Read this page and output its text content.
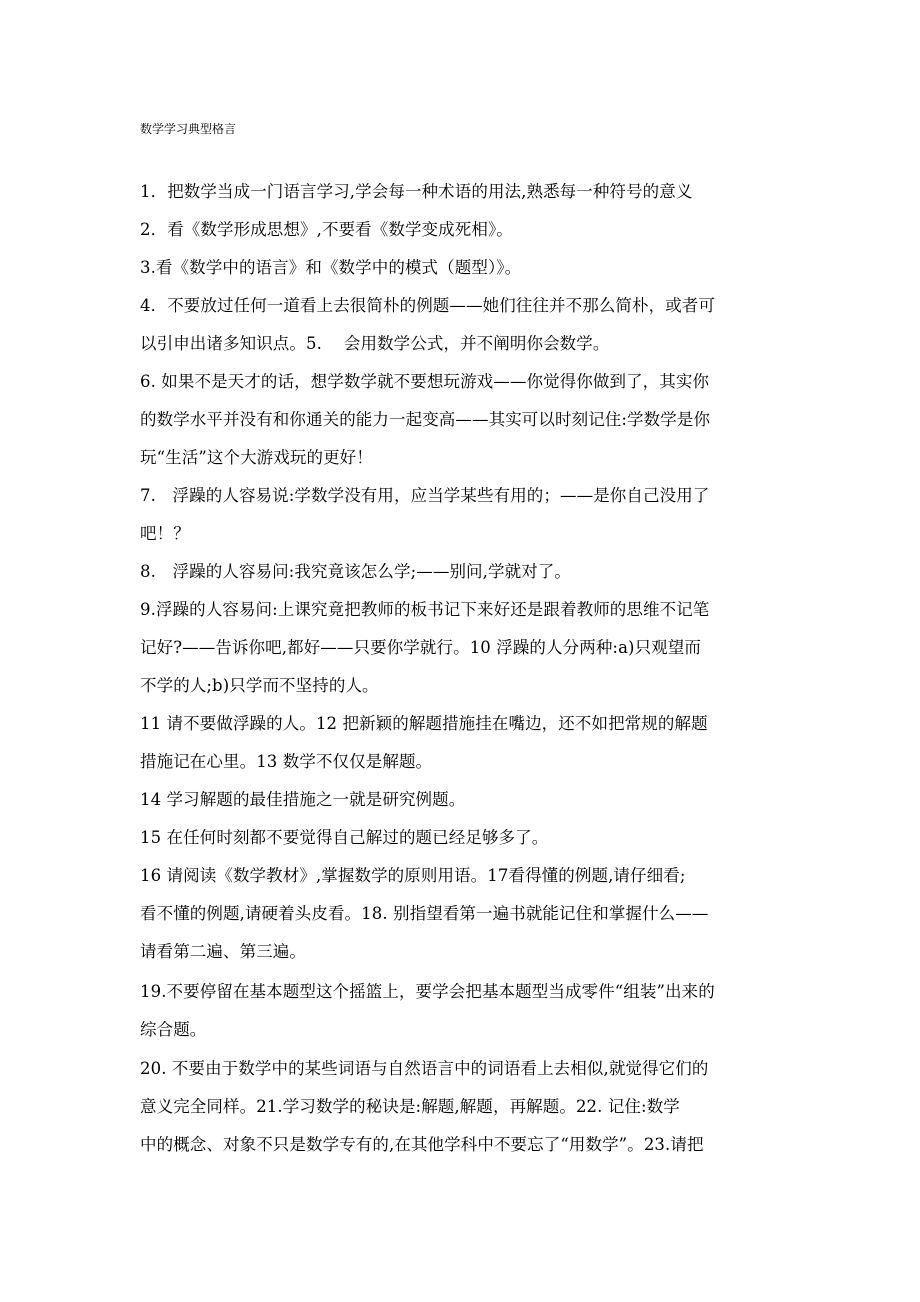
数学学习典型格言
1．把数学当成一门语言学习,学会每一种术语的用法,熟悉每一种符号的意义
2．看《数学形成思想》,不要看《数学变成死相》。
3.看《数学中的语言》和《数学中的模式（题型）》。
4．不要放过任何一道看上去很简朴的例题——她们往往并不那么简朴，或者可
以引申出诸多知识点。5⁤.　 会用数学公式，并不阐明你会数学。
6. 如果不是天才的话，想学数学就不要想玩游戏——你觉得你做到了，其实你
的数学水平并没有和你通关的能力一起变高——其实可以时刻记住:学数学是你
玩“生活”这个大游戏玩的更好！
7.　浮躁的人容易说:学数学没有用，应当学某些有用的；——是你自己没用了
吧！？
8.　浮躁的人容易问:我究竟该怎么学;——别问,学就对了。
9.浮躁的人容易问:上课究竟把教师的板书记下来好还是跟着教师的思维不记笔
记好?——告诉你吧,都好——只要你学就行。10⁤ 浮躁的人分两种:a)只观望而
不学的人;b)只学而不坚持的人。
11 请不要做浮躁的人。12⁤ 把新颖的解题措施挂在嘴边，还不如把常规的解题
措施记在心里。13⁤ 数学不仅仅是解题。
14 学习解题的最佳措施之一就是研究例题。
15 在任何时刻都不要觉得自己解过的题已经足够多了。
16 请阅读《数学教材》,掌握数学的原则用语。17⁤看得懂的例题,请仔细看;
看不懂的例题,请硬着头皮看。18⁤. 别指望看第一遍书就能记住和掌握什么——
请看第二遍、第三遍。
19.不要停留在基本题型这个摇篮上，要学会把基本题型当成零件“组装”出来的
综合题。
20. 不要由于数学中的某些词语与自然语言中的词语看上去相似,就觉得它们的
意义完全同样。21⁤.学习数学的秘诀是:解题,解题，再解题。22⁤. 记住:数学
中的概念、对象不只是数学专有的,在其他学科中不要忘了“用数学”。23⁤.请把
